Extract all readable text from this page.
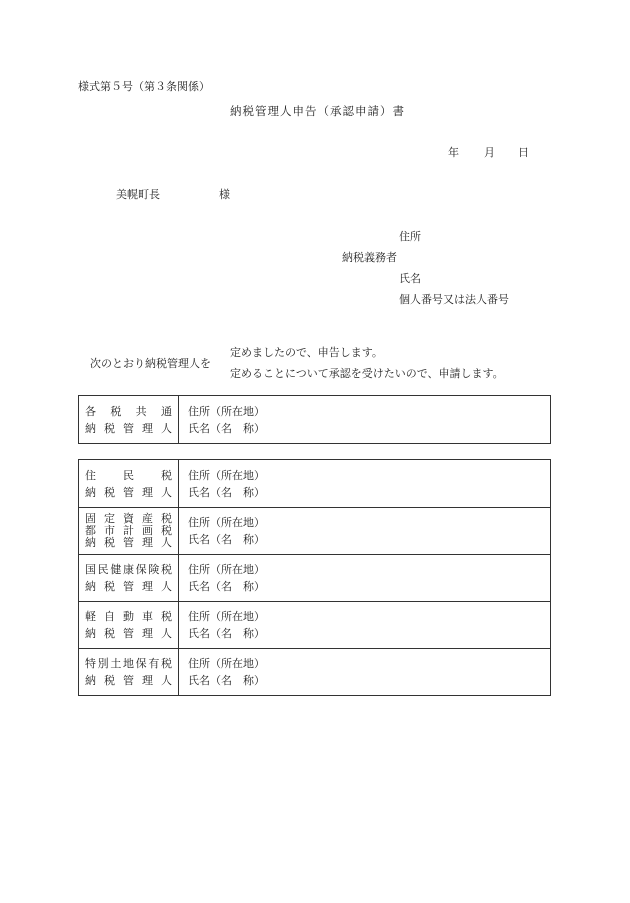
様式第５号（第３条関係）
納税管理人申告（承認申請）書
年 月 日
美幌町長	様
住所
納税義務者
氏名
個人番号又は法人番号
次のとおり納税管理人を
定めましたので、申告します。
定めることについて承認を受けたいので、申請します。
各税共通
納税管理人
住所（所在地）
氏名（名　称）
住民税
納税管理人
住所（所在地）
氏名（名　称）
固定資産税
都市計画税
納税管理人
住所（所在地）
氏名（名　称）
国民健康保険税
納税管理人
住所（所在地）
氏名（名　称）
軽自動車税
納税管理人
住所（所在地）
氏名（名　称）
特別土地保有税
納税管理人
住所（所在地）
氏名（名　称）
